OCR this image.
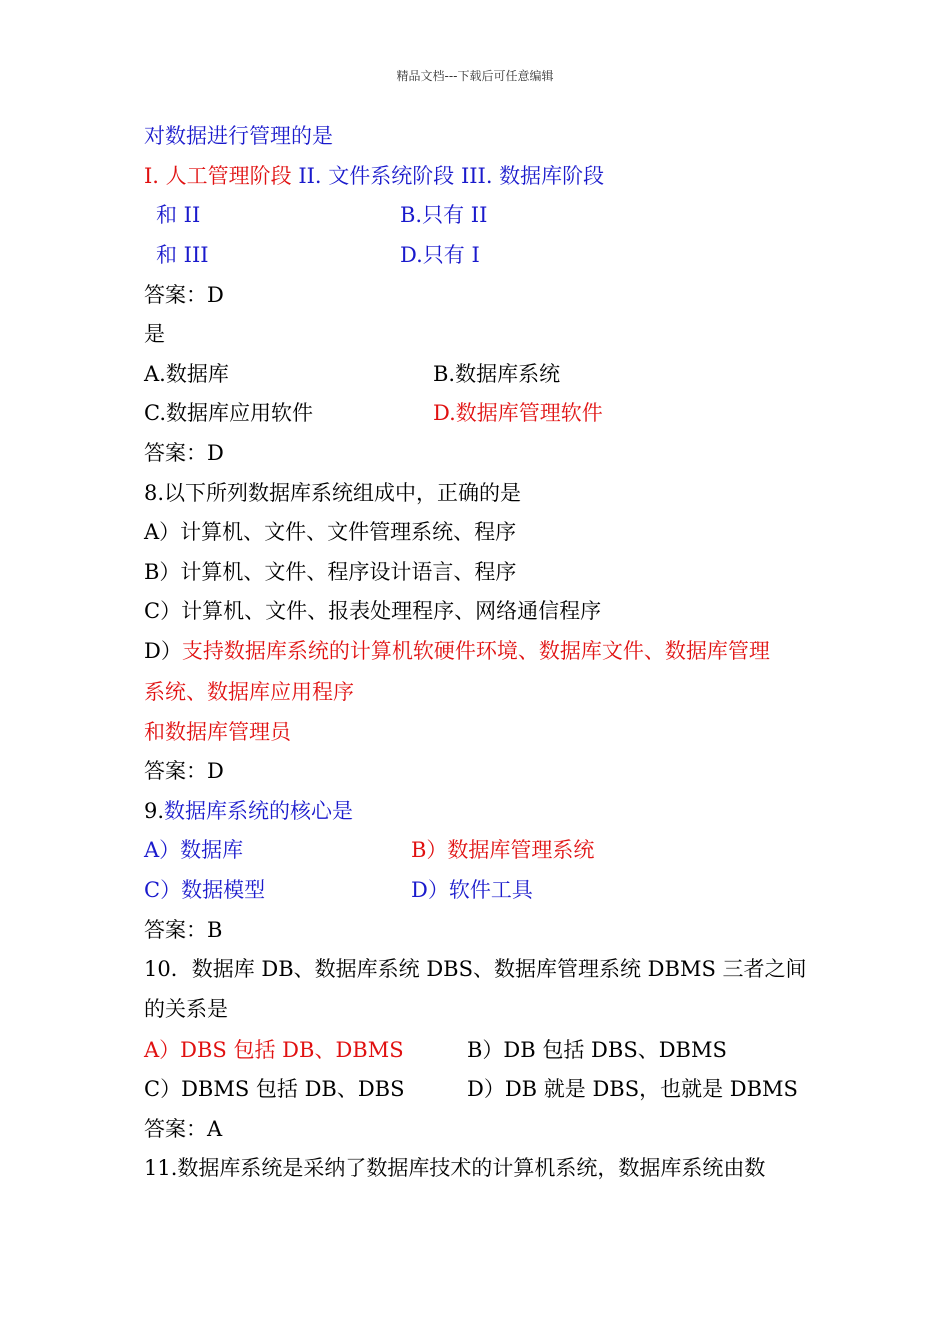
精品文档---下载后可任意编辑
对数据进行管理的是
I. 人工管理阶段 II. 文件系统阶段 III. 数据库阶段
和 II	B.只有 II
和 III	D.只有 I
答案：D
是
A.数据库	B.数据库系统
C.数据库应用软件	D.数据库管理软件
答案：D
8.以下所列数据库系统组成中，正确的是
A）计算机、文件、文件管理系统、程序
B）计算机、文件、程序设计语言、程序
C）计算机、文件、报表处理程序、网络通信程序
D）支持数据库系统的计算机软硬件环境、数据库文件、数据库管理
系统、数据库应用程序
和数据库管理员
答案：D
9.数据库系统的核心是
A）数据库	B）数据库管理系统
C）数据模型	D）软件工具
答案：B
10．数据库 DB、数据库系统 DBS、数据库管理系统 DBMS 三者之间
的关系是
A）DBS 包括 DB、DBMS	B）DB 包括 DBS、DBMS
C）DBMS 包括 DB、DBS	D）DB 就是 DBS，也就是 DBMS
答案：A
11.数据库系统是采纳了数据库技术的计算机系统，数据库系统由数
